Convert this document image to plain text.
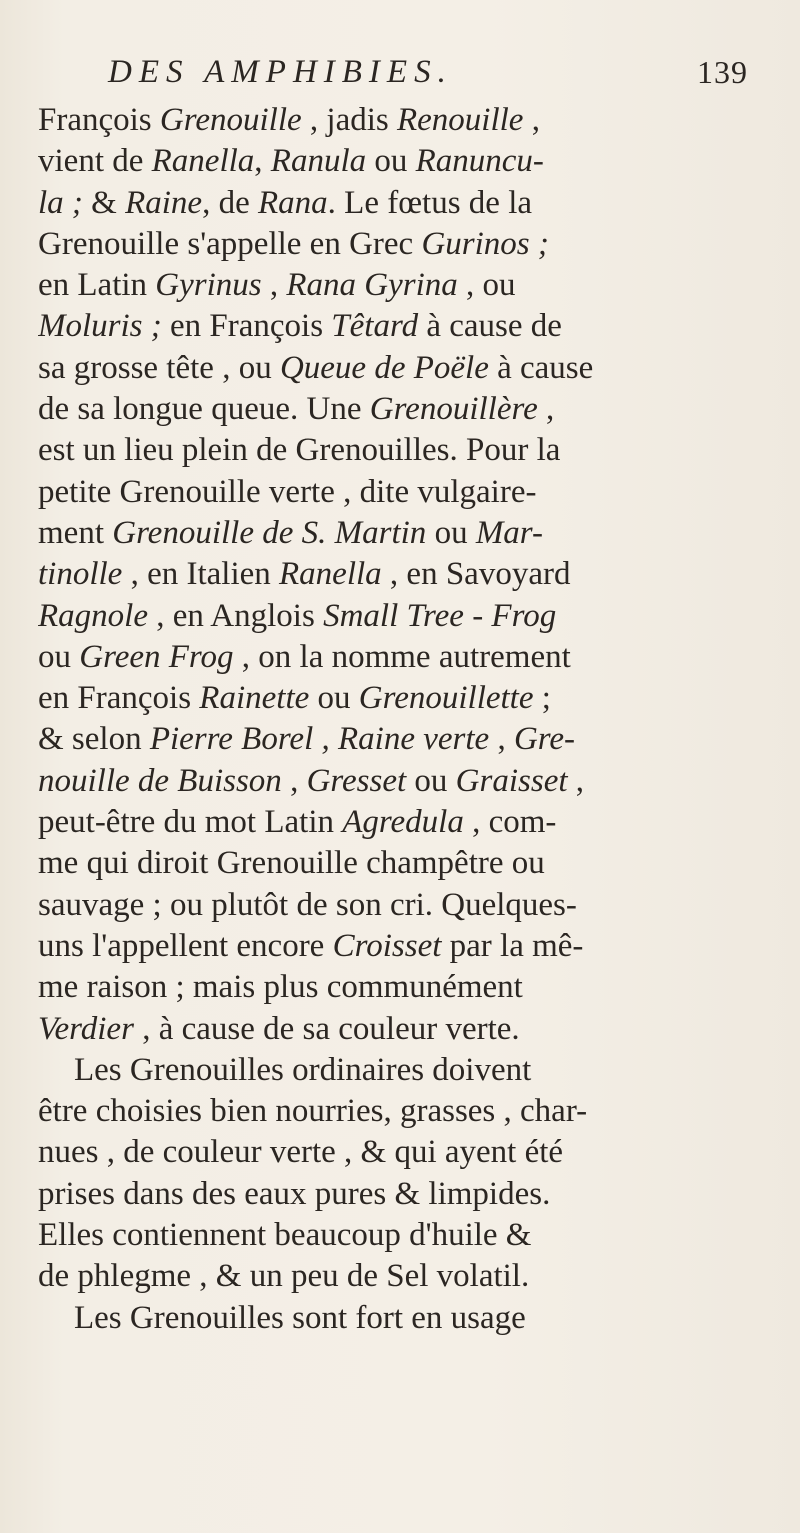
DES AMPHIBIES.	139
François Grenouille , jadis Renouille ,
vient de Ranella, Ranula ou Ranuncu-
la ; & Raine, de Rana. Le fœtus de la
Grenouille s'appelle en Grec Gurinos ;
en Latin Gyrinus , Rana Gyrina , ou
Moluris ; en François Têtard à cause de
sa grosse tête , ou Queue de Poële à cause
de sa longue queue. Une Grenouillère ,
est un lieu plein de Grenouilles. Pour la
petite Grenouille verte , dite vulgaire-
ment Grenouille de S. Martin ou Mar-
tinolle , en Italien Ranella , en Savoyard
Ragnole , en Anglois Small Tree - Frog
ou Green Frog , on la nomme autrement
en François Rainette ou Grenouillette ;
& selon Pierre Borel , Raine verte , Gre-
nouille de Buisson , Gresset ou Graisset ,
peut-être du mot Latin Agredula , com-
me qui diroit Grenouille champêtre ou
sauvage ; ou plutôt de son cri. Quelques-
uns l'appellent encore Croisset par la mê-
me raison ; mais plus communément
Verdier , à cause de sa couleur verte.
Les Grenouilles ordinaires doivent
être choisies bien nourries, grasses , char-
nues , de couleur verte , & qui ayent été
prises dans des eaux pures & limpides.
Elles contiennent beaucoup d'huile &
de phlegme , & un peu de Sel volatil.
Les Grenouilles sont fort en usage
